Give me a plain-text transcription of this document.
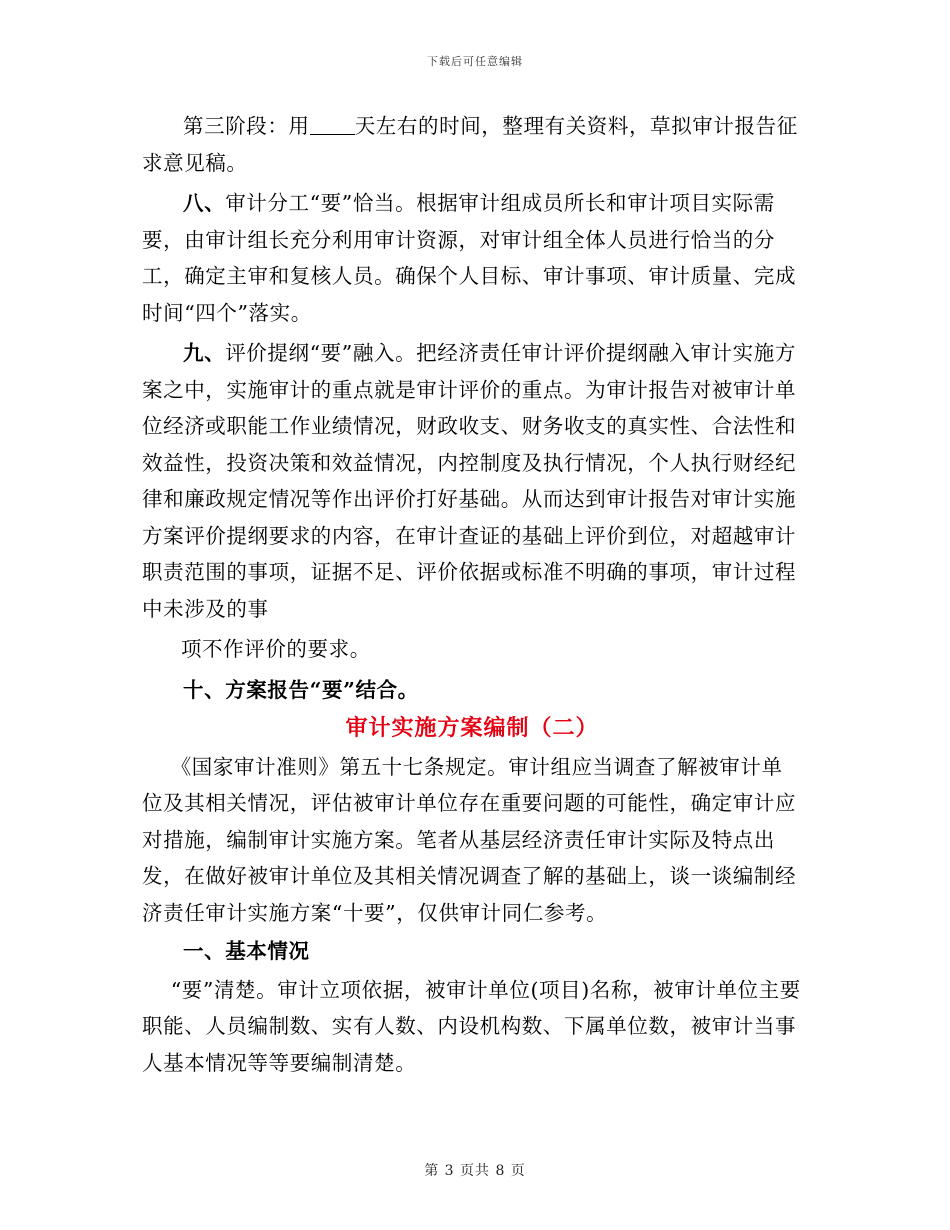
下载后可任意编辑

第三阶段：用 天左右的时间，整理有关资料，草拟审计报告征求意见稿。

八、审计分工“要”恰当。根据审计组成员所长和审计项目实际需要，由审计组长充分利用审计资源，对审计组全体人员进行恰当的分工，确定主审和复核人员。确保个人目标、审计事项、审计质量、完成时间“四个”落实。

九、评价提纲“要”融入。把经济责任审计评价提纲融入审计实施方案之中，实施审计的重点就是审计评价的重点。为审计报告对被审计单位经济或职能工作业绩情况，财政收支、财务收支的真实性、合法性和效益性，投资决策和效益情况，内控制度及执行情况，个人执行财经纪律和廉政规定情况等作出评价打好基础。从而达到审计报告对审计实施方案评价提纲要求的内容，在审计查证的基础上评价到位，对超越审计职责范围的事项，证据不足、评价依据或标准不明确的事项，审计过程中未涉及的事

项不作评价的要求。

十、方案报告“要”结合。

审计实施方案编制（二）

《国家审计准则》第五十七条规定。审计组应当调查了解被审计单位及其相关情况，评估被审计单位存在重要问题的可能性，确定审计应对措施，编制审计实施方案。笔者从基层经济责任审计实际及特点出发，在做好被审计单位及其相关情况调查了解的基础上，谈一谈编制经济责任审计实施方案“十要”，仅供审计同仁参考。

一、基本情况

“要”清楚。审计立项依据，被审计单位(项目)名称，被审计单位主要职能、人员编制数、实有人数、内设机构数、下属单位数，被审计当事人基本情况等等要编制清楚。

第 3 页共 8 页
